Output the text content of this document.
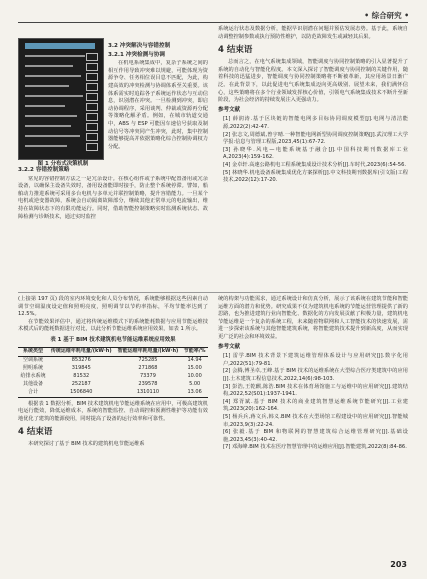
• 综合研究 •
图 1 分布式决策机制

系统运行状态及数据分析，能据早识别潜在问题并预估发展态势。基于此，系统自动调整控制参数或执行预防性维护，以防范故障发生或减轻其后果。

4 结束语

总而言之，在电气系统集成领域，智能调度与协同控制策略的引入显著提升了系统的自动化与智能化程度。本文深入探讨了智能调度与协同控制的关键作用，随着科技的迅猛进步，智能调度与协同控制策略将不断被革新，其应用场景日渐广泛。在此背景下，以此促进电气系统集成迈向更高级别、展望未来，我们满怀信心，这些策略将在多个行业领域发挥核心价值，引领电气系统集成技术不断升至新阶段，为社会经济的持续发展注入更强动力。

参考文献

[1] 薛润涛.基于区块链的智能电网多目标协同调度模型[J].电网与清洁能源,2022(2):42-47.

[2] 张志文,周德斌,曾宇晴.一种智能电网新型协同调度控制策略[J].武汉理工大学学报:信息与管理工程版,2023,45(1):67-72.

[3] 孙晓华.风电—电能系统基于融合[J].中国科技期刊数据库工业A,2023(4):159-162.

[4] 金卓轩.高速公路机电工程系统集成设计技术分析[J].车时代,2023(6):54-56.

[5] 林晓华.机电设备系统集成优化方案探析[J].中文科技期刊数据库(引文版)工程技术,2022(12):17-20.

3.2 冲突解决与容错控制
3.2.1 冲突检测与协调

在机电系统集成中，复杂子系统之间的相互作用导致冲突难以规避，可能体现为资源争夺、任务相位误目息不匹配，为此，构建高效的冲突检测与协调体系至关重要。该体系需实时追踪各子系统运作状态与互动信息，识别潜在冲突。一旦检测到冲突，即启动协调程序，采用谈判、仲裁或资源再分配等策略化解矛盾。例如，在城市轨道交通中，ABS 与 ESP 可能因车速信号获取及制动信号等冲突同产生冲突，此时，集中控制器能够提高并依据策略化综合控制协调权力分配。

3.2.2 容错控制策略

常见的容错控制方法之一是冗余设计。在核心组件或子系统中配置备用或冗余设备，以确保主设备失效时，备用设备能即时接手，防止整个系统停滞。譬如，船舶动力推进系统可采用多台电机与多单元并联控制策略，提升容错能力。一旦某个电机或逆变器故障，系统会自动隔离故障部分，继续其他正常单元的电流输出，维持在故障状态下的有限功能运行。同时，借助智能控制策略实时监测系统状态、故障检测与诊断技术，通过实时监控

(上接第 197 页) 段的室内环境变化和人员分布情况，系统能够根据这些因素自动调节空调温度设定值和照明亮度，照明调节以节约率指标，平均节能率达到了 12.5%。

在节能效果评估中，通过将传统运维模式下的系统能耗数据与应用节能运维技术模式后的能耗数据进行对比，以此分析节能运维系统应用效果，如表 1 所示。

表 1 基于 BIM 技术建筑机电节能运维系统应用效果
系统类型	传统运维年耗电量/(kW·h)	智能运维年耗电量/(kW·h)	节能率/%
空调系统	853276	725285	14.94
照明系统	319845	271868	15.00
给排水系统	81532	73379	10.00
其他设备	252187	239578	5.00
合计	1506840	1310110	13.06

根据表 1 数据分析，BIM 技术建筑机电节能运维系统在应用中，可极高建筑机电运行能效，降低运维成本，系统的智能监控、自动调控和预测性维护等功能有效地优化了建筑的能源使用，同时提高了设备的运行效率和可靠性。

4 结束语

本研究探讨了基于 BIM 技术的建筑机电节能运维系

统的构架与功能需求，通过系统设计和仿真分析，展示了该系统在建筑节能和智能运维方面的潜力和优势。研究成果不仅为建筑机电系统的节能运营管理提供了新的思路，也为推进建筑行业向智能化、数据化的方向发展贡献了积极力量，建筑机电节能运维是一个复杂的系统工程，未来随着物联网和人工智能技术的快速发展，需进一步探索该系统与其他智能建筑系统，将智能建筑技术提升到新高度，从而实现更广泛的社会和环境效益。

参考文献

[1] 雷学.BIM 技术背景下建筑运维管理体系设计与应用研究[J].数字化用户,2022(51):79-81.

[2] 会腾,傅圣卓,王峰.基于 BIM 技术的运维系统在大型综合医疗类建筑中的应用[J].土木建筑工程信息技术,2022,14(6):98-103.

[3] 彭浩,王乾麒,陈浩.BIM 技术在体育场馆施工与运维中的应用研究[J].建筑结构,2022,52(S01):1937-1941.

[4] 郑胥斌.基于 BIM 技术的商业建筑智慧运维系统节能研究[J].工业建筑,2023(20):162-164.

[5] 杨兵兵,蒋文兵,韩义.BIM 技术在大型场馆工程建设中的应用研究[J].智能城市,2023,9(3):22-24.

[6] 张毅.基于 BIM 和物联网的智慧建筑综合运维管理研究[J].基础设施,2023,45(3):40-42.

[7] 邓海峰.BIM 技术在医疗智慧管理中的运维应用[J].智能建筑,2022(8):84-86.

203
